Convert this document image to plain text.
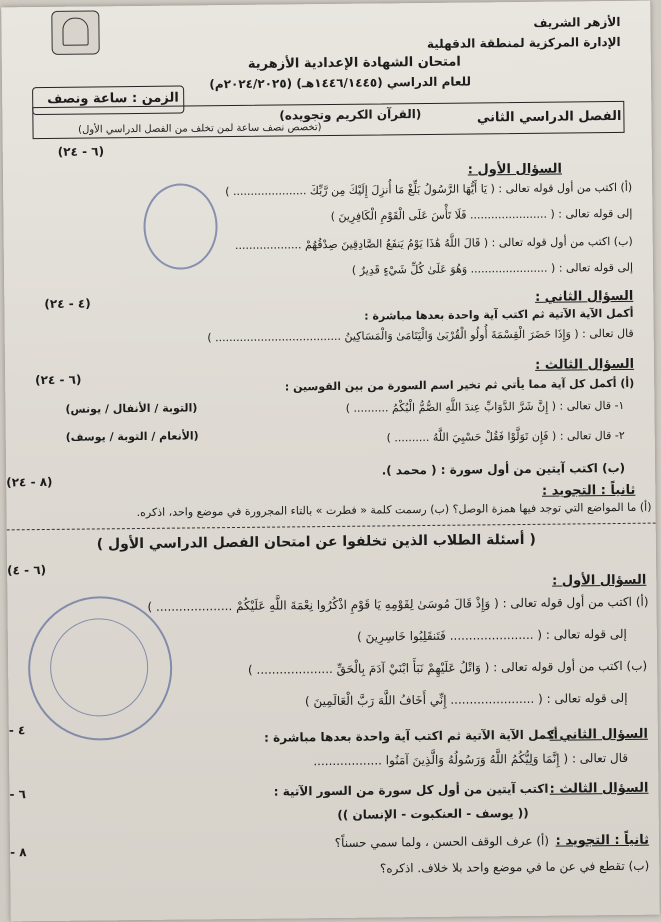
الأزهر الشريف
الإدارة المركزية لمنطقة الدقهلية
امتحان الشهادة الإعدادية الأزهرية
للعام الدراسي (١٤٤٦/١٤٤٥هـ) (٢٠٢٤/٢٠٢٥م)
الزمن : ساعة ونصف
الفصل الدراسي الثاني
(القرآن الكريم وتجويده)
(تخصص نصف ساعة لمن تخلف من الفصل الدراسي الأول)
(٦ - ٢٤)
السؤال الأول :
(أ) اكتب من أول قوله تعالى : ( يَا أَيُّهَا الرَّسُولُ بَلِّغْ مَا أُنزِلَ إِلَيْكَ مِن رَّبِّكَ ..................... )
إلى قوله تعالى : ( ...................... فَلَا تَأْسَ عَلَى الْقَوْمِ الْكَافِرِينَ )
(ب) اكتب من أول قوله تعالى : ( قَالَ اللَّهُ هَٰذَا يَوْمُ يَنفَعُ الصَّادِقِينَ صِدْقُهُمْ ...................
إلى قوله تعالى : ( ...................... وَهُوَ عَلَىٰ كُلِّ شَيْءٍ قَدِيرٌ )
(٤ - ٢٤)	السؤال الثاني :
أكمل الآية الآتية ثم اكتب آية واحدة بعدها مباشرة :
قال تعالى : ( وَإِذَا حَضَرَ الْقِسْمَةَ أُولُو الْقُرْبَىٰ وَالْيَتَامَىٰ وَالْمَسَاكِينُ .................................... )
(٦ - ٢٤)
السؤال الثالث :
(أ) أكمل كل آية مما يأتي ثم تخير اسم السورة من بين القوسين :
١- قال تعالى : ( إِنَّ شَرَّ الدَّوَابِّ عِندَ اللَّهِ الصُّمُّ الْبُكْمُ .......... )
(التوبة / الأنفال / يونس)
٢- قال تعالى : ( فَإِن تَوَلَّوْا فَقُلْ حَسْبِيَ اللَّهُ .......... )
(الأنعام / التوبة / يوسف)
(ب) اكتب آيتين من أول سورة : ( محمد ).
(٨ - ٢٤)
ثانياً : التجويد :
(أ) ما المواضع التي توجد فيها همزة الوصل؟ (ب) رسمت كلمة « فطرت » بالتاء المجرورة في موضع واحد، اذكره.
( أسئلة الطلاب الذين تخلفوا عن امتحان الفصل الدراسي الأول )
(٦ - ٤)
السؤال الأول :
(أ) اكتب من أول قوله تعالى : ( وَإِذْ قَالَ مُوسَىٰ لِقَوْمِهِ يَا قَوْمِ اذْكُرُوا نِعْمَةَ اللَّهِ عَلَيْكُمْ .................... )
إلى قوله تعالى : ( ...................... فَتَنقَلِبُوا خَاسِرِينَ )
(ب) اكتب من أول قوله تعالى : ( وَاتْلُ عَلَيْهِمْ نَبَأَ ابْنَيْ آدَمَ بِالْحَقِّ .................... )
إلى قوله تعالى : ( ...................... إِنِّي أَخَافُ اللَّهَ رَبَّ الْعَالَمِينَ )
- ٤	السؤال الثاني :
أكمل الآية الآتية ثم اكتب آية واحدة بعدها مباشرة :
قال تعالى : ( إِنَّمَا وَلِيُّكُمُ اللَّهُ وَرَسُولُهُ وَالَّذِينَ آمَنُوا ..................
- ٦	السؤال الثالث :
اكتب آيتين من أول كل سورة من السور الآتية :
(( يوسف - العنكبوت - الإنسان ))
- ٨
ثانياً : التجويد :
(أ) عرف الوقف الحسن ، ولما سمي حسناً؟
(ب) تقطع في عن ما في موضع واحد بلا خلاف. اذكره؟
